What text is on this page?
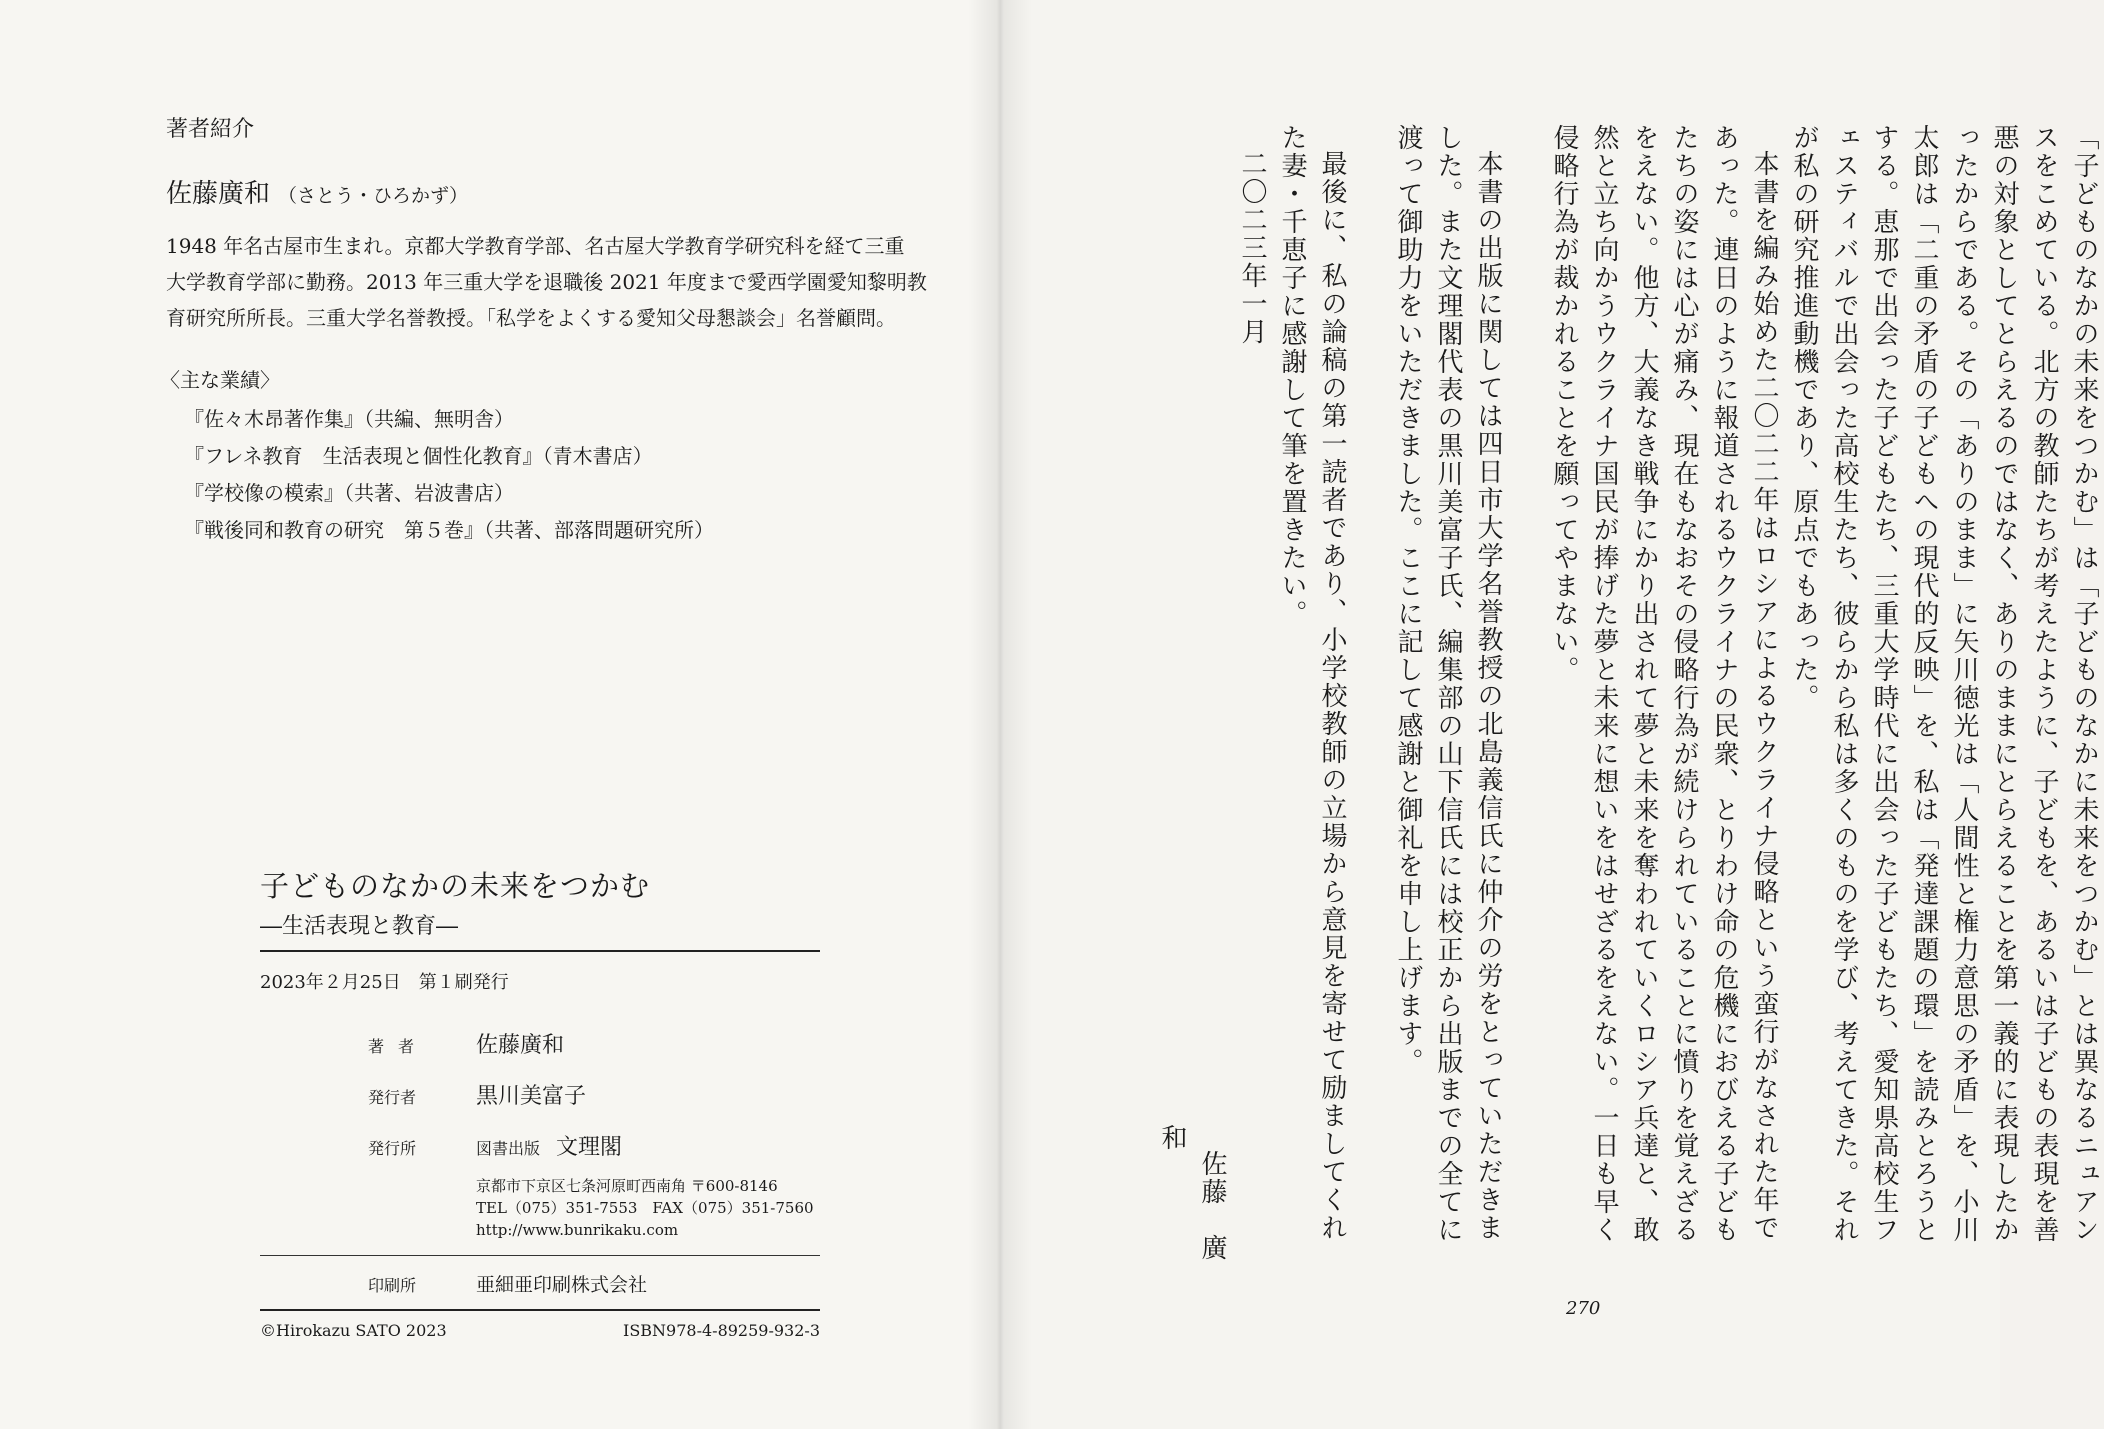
著者紹介
佐藤廣和 （さとう・ひろかず）
1948 年名古屋市生まれ。京都大学教育学部、名古屋大学教育学研究科を経て三重
大学教育学部に勤務。2013 年三重大学を退職後 2021 年度まで愛西学園愛知黎明教
育研究所所長。三重大学名誉教授。「私学をよくする愛知父母懇談会」名誉顧問。
〈主な業績〉
『佐々木昂著作集』（共編、無明舎）
『フレネ教育　生活表現と個性化教育』（青木書店）
『学校像の模索』（共著、岩波書店）
『戦後同和教育の研究　第５巻』（共著、部落問題研究所）
子どものなかの未来をつかむ
―生活表現と教育―
2023年２月25日　第１刷発行
著者	佐藤廣和
発行者	黒川美富子
発行所	図書出版 文理閣
京都市下京区七条河原町西南角 〒600-8146
TEL（075）351-7553　FAX（075）351-7560
http://www.bunrikaku.com
印刷所	亜細亜印刷株式会社
©Hirokazu SATO 2023	ISBN978-4-89259-932-3

「子どものなかの未来をつかむ」は「子どものなかに未来をつかむ」とは異なるニュアンスをこめている。北方の教師たちが考えたように、子どもを、あるいは子どもの表現を善悪の対象としてとらえるのではなく、ありのままにとらえることを第一義的に表現したかったからである。その「ありのまま」に矢川徳光は「人間性と権力意思の矛盾」を、小川太郎は「二重の矛盾の子どもへの現代的反映」を、私は「発達課題の環」を読みとろうとする。恵那で出会った子どもたち、三重大学時代に出会った子どもたち、愛知県高校生フェスティバルで出会った高校生たち、彼らから私は多くのものを学び、考えてきた。それが私の研究推進動機であり、原点でもあった。

本書を編み始めた二〇二二年はロシアによるウクライナ侵略という蛮行がなされた年であった。連日のように報道されるウクライナの民衆、とりわけ命の危機におびえる子どもたちの姿には心が痛み、現在もなおその侵略行為が続けられていることに憤りを覚えざるをえない。他方、大義なき戦争にかり出されて夢と未来を奪われていくロシア兵達と、敢然と立ち向かうウクライナ国民が捧げた夢と未来に想いをはせざるをえない。一日も早く侵略行為が裁かれることを願ってやまない。

本書の出版に関しては四日市大学名誉教授の北島義信氏に仲介の労をとっていただきました。また文理閣代表の黒川美富子氏、編集部の山下信氏には校正から出版までの全てに渡って御助力をいただきました。ここに記して感謝と御礼を申し上げます。

最後に、私の論稿の第一読者であり、小学校教師の立場から意見を寄せて励ましてくれた妻・千恵子に感謝して筆を置きたい。

二〇二三年一月

佐藤　廣和

270
